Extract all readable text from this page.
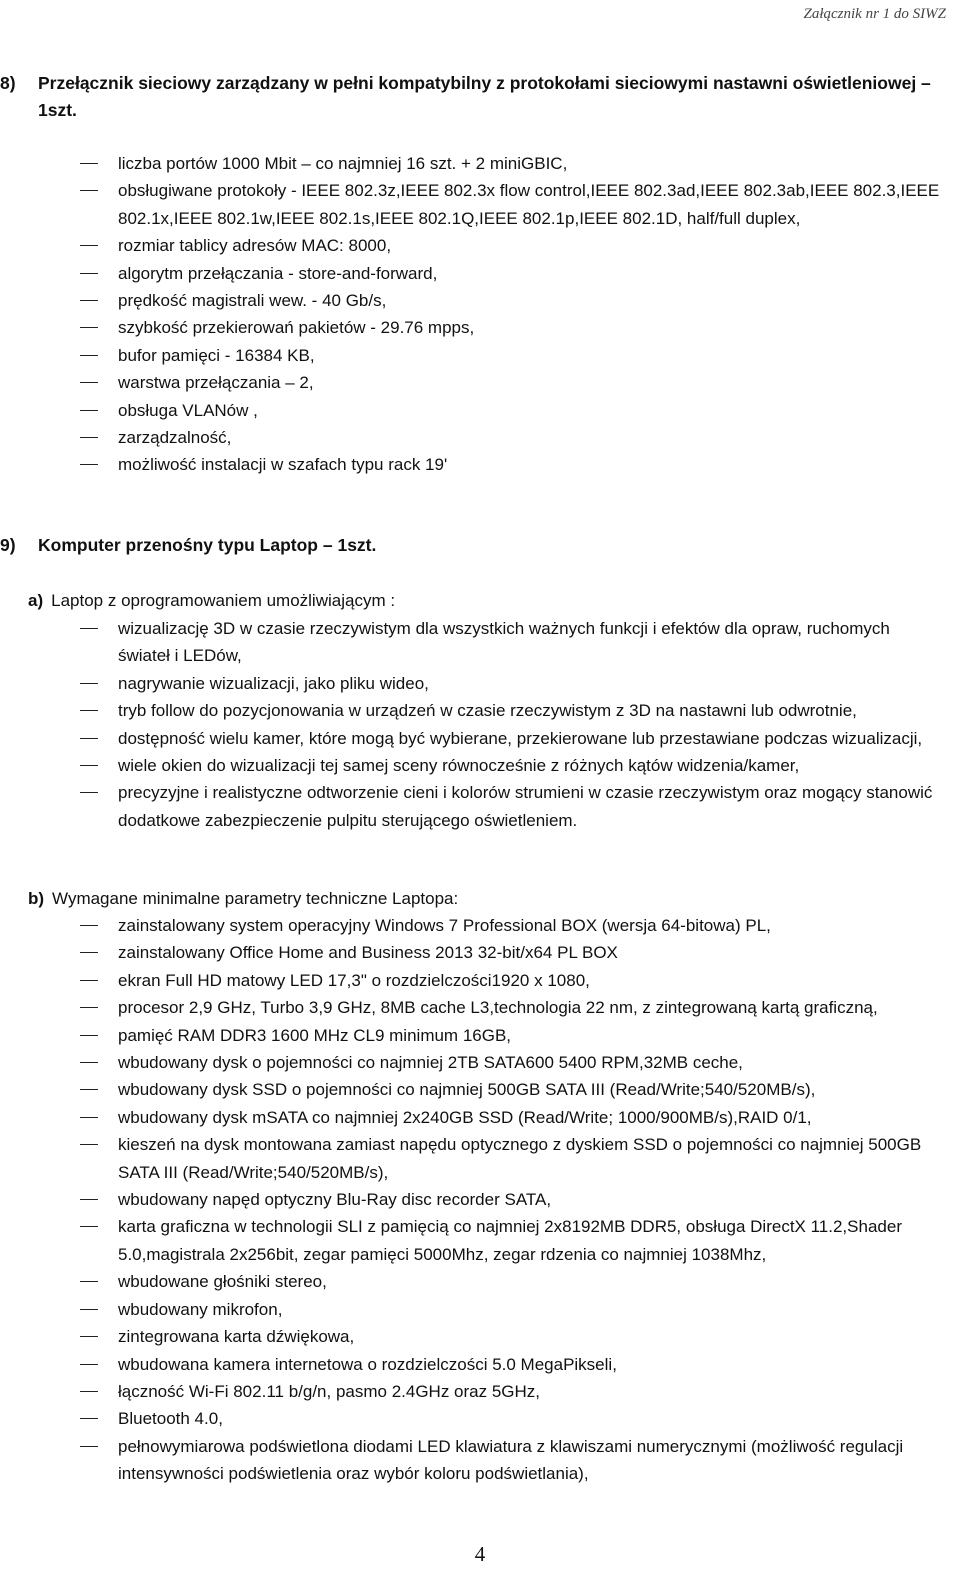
Załącznik nr 1 do SIWZ
8)	Przełącznik sieciowy zarządzany w pełni kompatybilny z protokołami sieciowymi nastawni oświetleniowej – 1szt.
liczba portów 1000 Mbit – co najmniej 16 szt. + 2 miniGBIC,
obsługiwane protokoły - IEEE 802.3z,IEEE 802.3x flow control,IEEE 802.3ad,IEEE 802.3ab,IEEE 802.3,IEEE 802.1x,IEEE 802.1w,IEEE 802.1s,IEEE 802.1Q,IEEE 802.1p,IEEE 802.1D, half/full duplex,
rozmiar tablicy adresów MAC: 8000,
algorytm przełączania - store-and-forward,
prędkość magistrali wew. - 40 Gb/s,
szybkość przekierowań pakietów - 29.76 mpps,
bufor pamięci - 16384 KB,
warstwa przełączania – 2,
obsługa VLANów ,
zarządzalność,
możliwość instalacji w szafach typu rack 19'
9)	Komputer przenośny typu Laptop – 1szt.
a) Laptop z oprogramowaniem umożliwiającym :
wizualizację 3D w czasie rzeczywistym dla wszystkich ważnych funkcji i efektów dla opraw, ruchomych świateł i LEDów,
nagrywanie wizualizacji, jako pliku wideo,
tryb follow do pozycjonowania w urządzeń w czasie rzeczywistym z 3D na nastawni lub odwrotnie,
dostępność wielu kamer, które mogą być wybierane, przekierowane lub przestawiane podczas wizualizacji,
wiele okien do wizualizacji tej samej sceny równocześnie z różnych kątów widzenia/kamer,
precyzyjne i realistyczne odtworzenie cieni i kolorów strumieni w czasie rzeczywistym oraz mogący stanowić dodatkowe zabezpieczenie pulpitu sterującego oświetleniem.
b) Wymagane minimalne parametry techniczne Laptopa:
zainstalowany system operacyjny Windows 7 Professional BOX (wersja 64-bitowa) PL,
zainstalowany Office Home and Business 2013 32-bit/x64 PL BOX
ekran Full HD matowy LED 17,3" o rozdzielczości1920 x 1080,
procesor 2,9 GHz, Turbo 3,9 GHz, 8MB cache L3,technologia 22 nm, z zintegrowaną kartą graficzną,
pamięć RAM DDR3 1600 MHz CL9 minimum 16GB,
wbudowany dysk o pojemności co najmniej 2TB SATA600 5400 RPM,32MB ceche,
wbudowany dysk SSD o pojemności co najmniej 500GB SATA III (Read/Write;540/520MB/s),
wbudowany dysk mSATA co najmniej 2x240GB SSD (Read/Write; 1000/900MB/s),RAID 0/1,
kieszeń na dysk montowana zamiast napędu optycznego z dyskiem SSD o pojemności co najmniej 500GB SATA III (Read/Write;540/520MB/s),
wbudowany napęd optyczny Blu-Ray disc recorder SATA,
karta graficzna w technologii SLI z pamięcią co najmniej 2x8192MB DDR5, obsługa DirectX 11.2,Shader 5.0,magistrala 2x256bit, zegar pamięci 5000Mhz, zegar rdzenia co najmniej 1038Mhz,
wbudowane głośniki stereo,
wbudowany mikrofon,
zintegrowana karta dźwiękowa,
wbudowana kamera internetowa o rozdzielczości 5.0 MegaPikseli,
łączność Wi-Fi 802.11 b/g/n, pasmo 2.4GHz oraz 5GHz,
Bluetooth 4.0,
pełnowymiarowa podświetlona diodami LED klawiatura z klawiszami numerycznymi (możliwość regulacji intensywności podświetlenia oraz wybór koloru podświetlania),
4
